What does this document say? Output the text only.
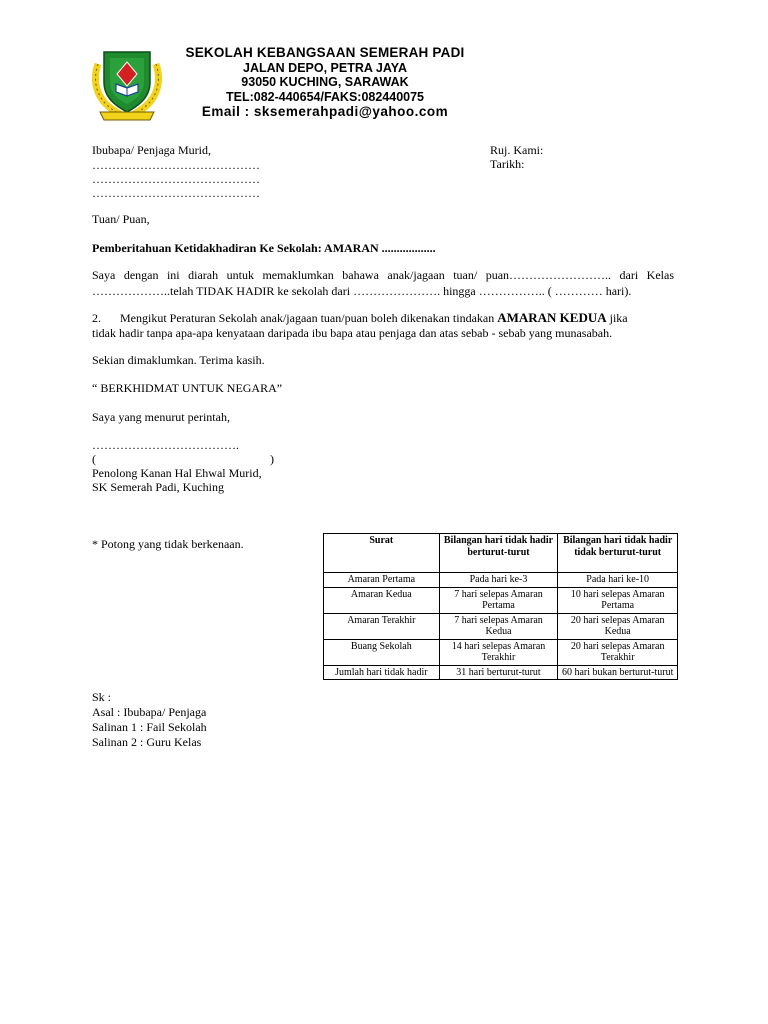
SEKOLAH KEBANGSAAN SEMERAH PADI
JALAN DEPO, PETRA JAYA
93050 KUCHING, SARAWAK
TEL:082-440654/FAKS:082440075
Email : sksemerahpadi@yahoo.com
Ibubapa/ Penjaga Murid,
……………………………………
……………………………………
……………………………………
Ruj. Kami:
Tarikh:
Tuan/ Puan,
Pemberitahuan Ketidakhadiran Ke Sekolah: AMARAN ..................
Saya dengan ini diarah untuk memaklumkan bahawa anak/jagaan tuan/ puan…………………….. dari Kelas
………………..telah TIDAK HADIR ke sekolah dari …………………. hingga …………….. ( ………… hari).
2. Mengikut Peraturan Sekolah anak/jagaan tuan/puan boleh dikenakan tindakan AMARAN KEDUA jika
tidak hadir tanpa apa-apa kenyataan daripada ibu bapa atau penjaga dan atas sebab - sebab yang munasabah.
Sekian dimaklumkan. Terima kasih.
“ BERKHIDMAT UNTUK NEGARA”
Saya yang menurut perintah,
……………………………….
(	)
Penolong Kanan Hal Ehwal Murid,
SK Semerah Padi, Kuching
* Potong yang tidak berkenaan.	Surat	Bilangan hari tidak hadir berturut-turut	Bilangan hari tidak hadir tidak berturut-turut
Amaran Pertama	Pada hari ke-3	Pada hari ke-10
Amaran Kedua	7 hari selepas Amaran Pertama	10 hari selepas Amaran Pertama
Amaran Terakhir	7 hari selepas Amaran Kedua	20 hari selepas Amaran Kedua
Buang Sekolah	14 hari selepas Amaran Terakhir	20 hari selepas Amaran Terakhir
Jumlah hari tidak hadir	31 hari berturut-turut	60 hari bukan berturut-turut
Sk :
Asal : Ibubapa/ Penjaga
Salinan 1 : Fail Sekolah
Salinan 2 : Guru Kelas
